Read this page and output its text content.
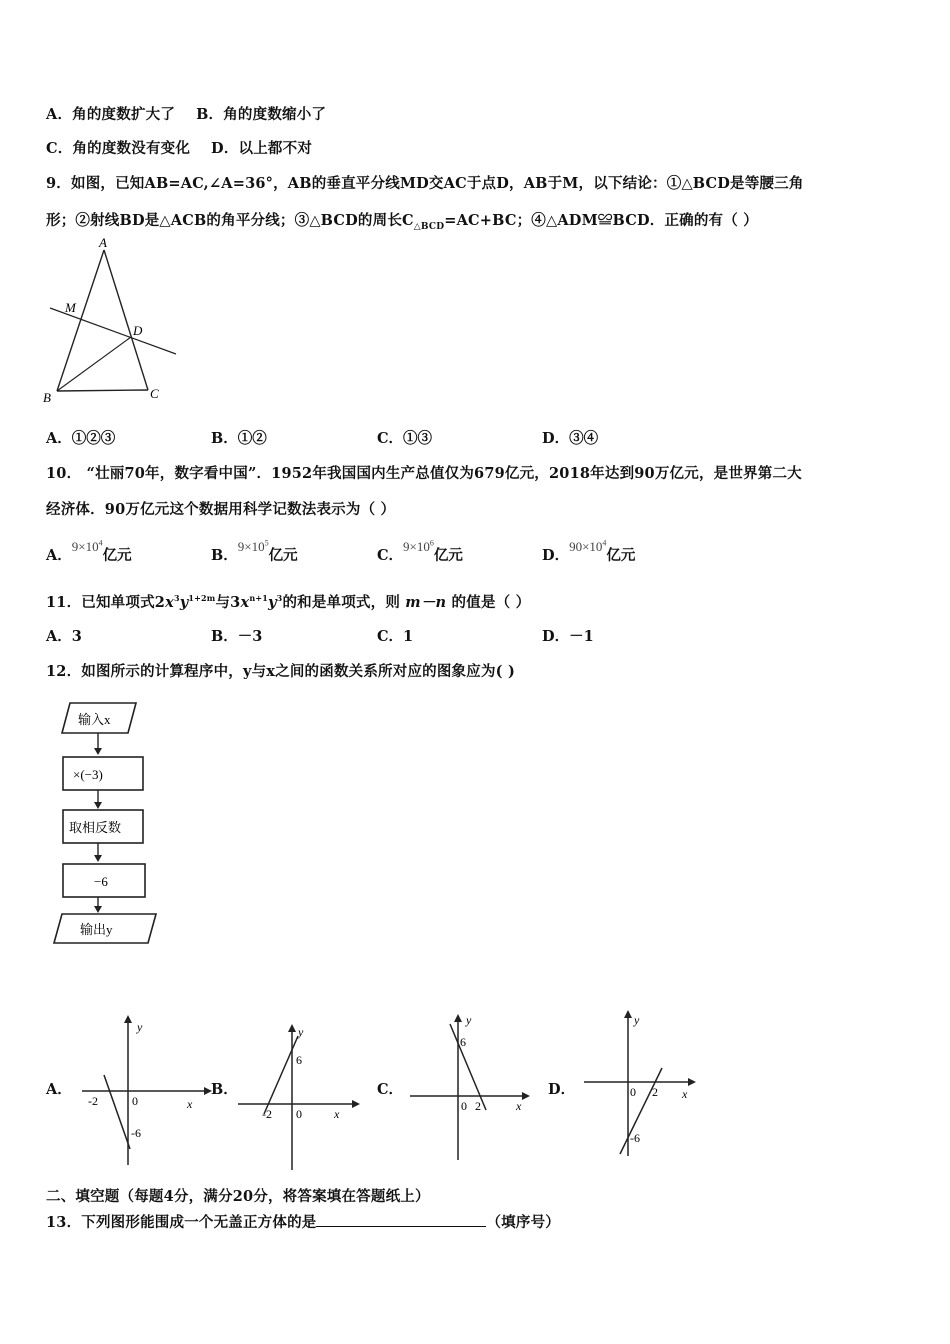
A．角的度数扩大了 B．角的度数缩小了
C．角的度数没有变化 D．以上都不对
9．如图，已知AB=AC,∠A=36°，AB的垂直平分线MD交AC于点D，AB于M，以下结论：①△BCD是等腰三角
形；②射线BD是△ACB的角平分线；③△BCD的周长$C_{\triangle BCD}=AC+BC$；④△ADM≌BCD．正确的有（ ）
A
M
D
B	C
A．①②③	B．①②	C．①③	D．③④
10． “壮丽70年，数字看中国”．1952年我国国内生产总值仅为679亿元，2018年达到90万亿元，是世界第二大
经济体．90万亿元这个数据用科学记数法表示为（ ）
A．$9\times 10^4$亿元	B．$9\times 10^5$亿元	C．$9\times 10^6$亿元	D．$90\times 10^4$亿元
11．已知单项式$2x^3y^{1+2m}$与$3x^{n+1}y^3$的和是单项式，则 m－n 的值是（ ）
A．3	B．－3	C．1	D．－1
12．如图所示的计算程序中，y与x之间的函数关系所对应的图象应为( )
输入x
×(−3)
取相反数
−6
输出y
A．
y
x
0
-2
-6
B．
y
x
0
-2
6
C．
y
x
0 2
6
D．
y
x
0 2
-6
二、填空题（每题4分，满分20分，将答案填在答题纸上）
13．下列图形能围成一个无盖正方体的是	（填序号）
